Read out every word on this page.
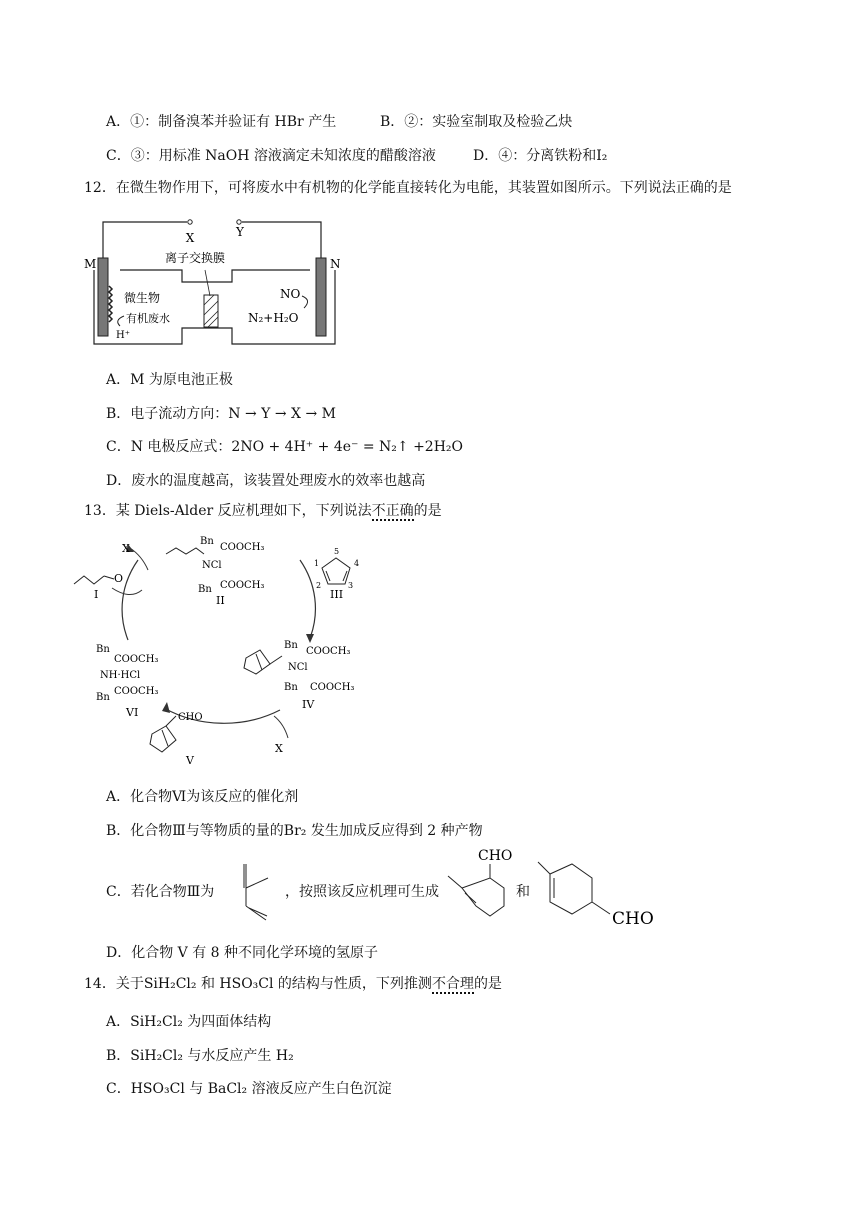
A．①：制备溴苯并验证有 HBr 产生	B．②：实验室制取及检验乙炔
C．③：用标准 NaOH 溶液滴定未知浓度的醋酸溶液	D．④：分离铁粉和I₂
12．在微生物作用下，可将废水中有机物的化学能直接转化为电能，其装置如图所示。下列说法正确的是
X	Y
离子交换膜
M	N
微生物
有机废水
H⁺
NO
N₂+H₂O
A．M 为原电池正极
B．电子流动方向：N → Y → X → M
C．N 电极反应式：2NO + 4H⁺ + 4e⁻ = N₂↑ +2H₂O
D．废水的温度越高，该装置处理废水的效率也越高
13．某 Diels-Alder 反应机理如下，下列说法不正确的是
X
X
O
I
NCl
Bn
COOCH₃
Bn COOCH₃
II
1
2	3
4
5
III
Bn
COOCH₃
NCl
Bn COOCH₃
IV
CHO
V
Bn
COOCH₃
NH·HCl
COOCH₃
Bn
VI
A．化合物Ⅵ为该反应的催化剂
B．化合物Ⅲ与等物质的量的Br₂ 发生加成反应得到 2 种产物
C．若化合物Ⅲ为	，按照该反应机理可生成
CHO
和
CHO
D．化合物 V 有 8 种不同化学环境的氢原子
14．关于SiH₂Cl₂ 和 HSO₃Cl 的结构与性质，下列推测不合理的是
A．SiH₂Cl₂ 为四面体结构
B．SiH₂Cl₂ 与水反应产生 H₂
C．HSO₃Cl 与 BaCl₂ 溶液反应产生白色沉淀
